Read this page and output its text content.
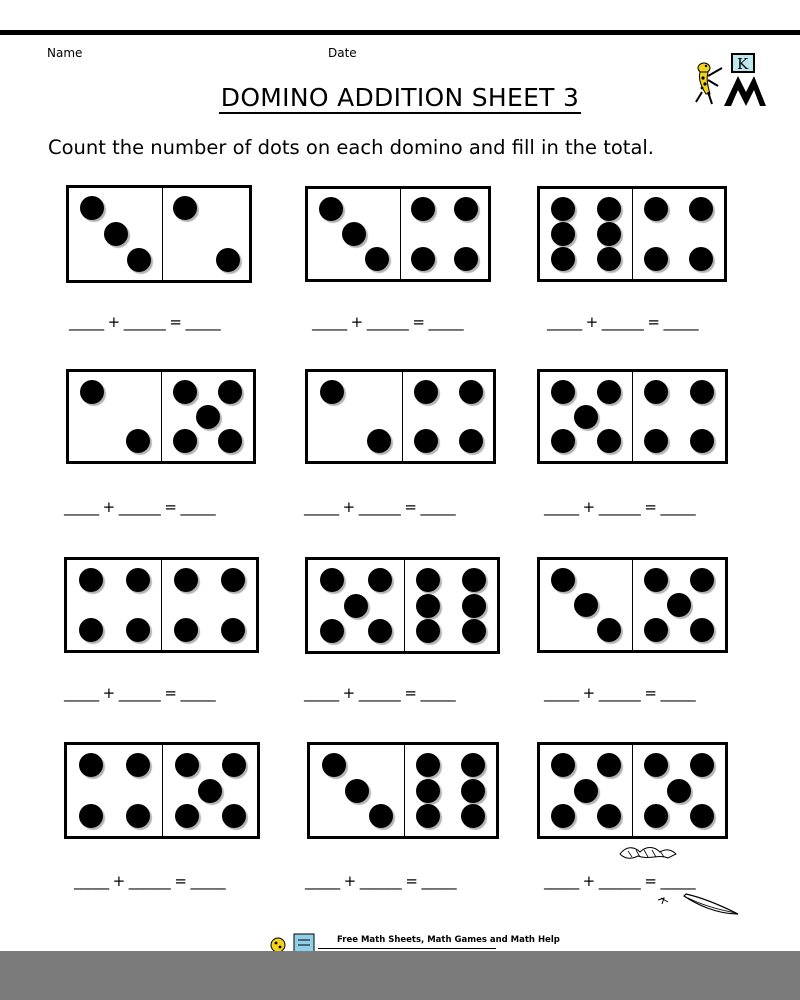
Name	Date
K
DOMINO ADDITION SHEET 3
Count the number of dots on each domino and fill in the total.
_____ + ______ = _____	_____ + ______ = _____	_____ + ______ = _____
_____ + ______ = _____	_____ + ______ = _____	_____ + ______ = _____
_____ + ______ = _____	_____ + ______ = _____	_____ + ______ = _____
_____ + ______ = _____	_____ + ______ = _____	_____ + ______ = _____
Free Math Sheets, Math Games and Math Help
